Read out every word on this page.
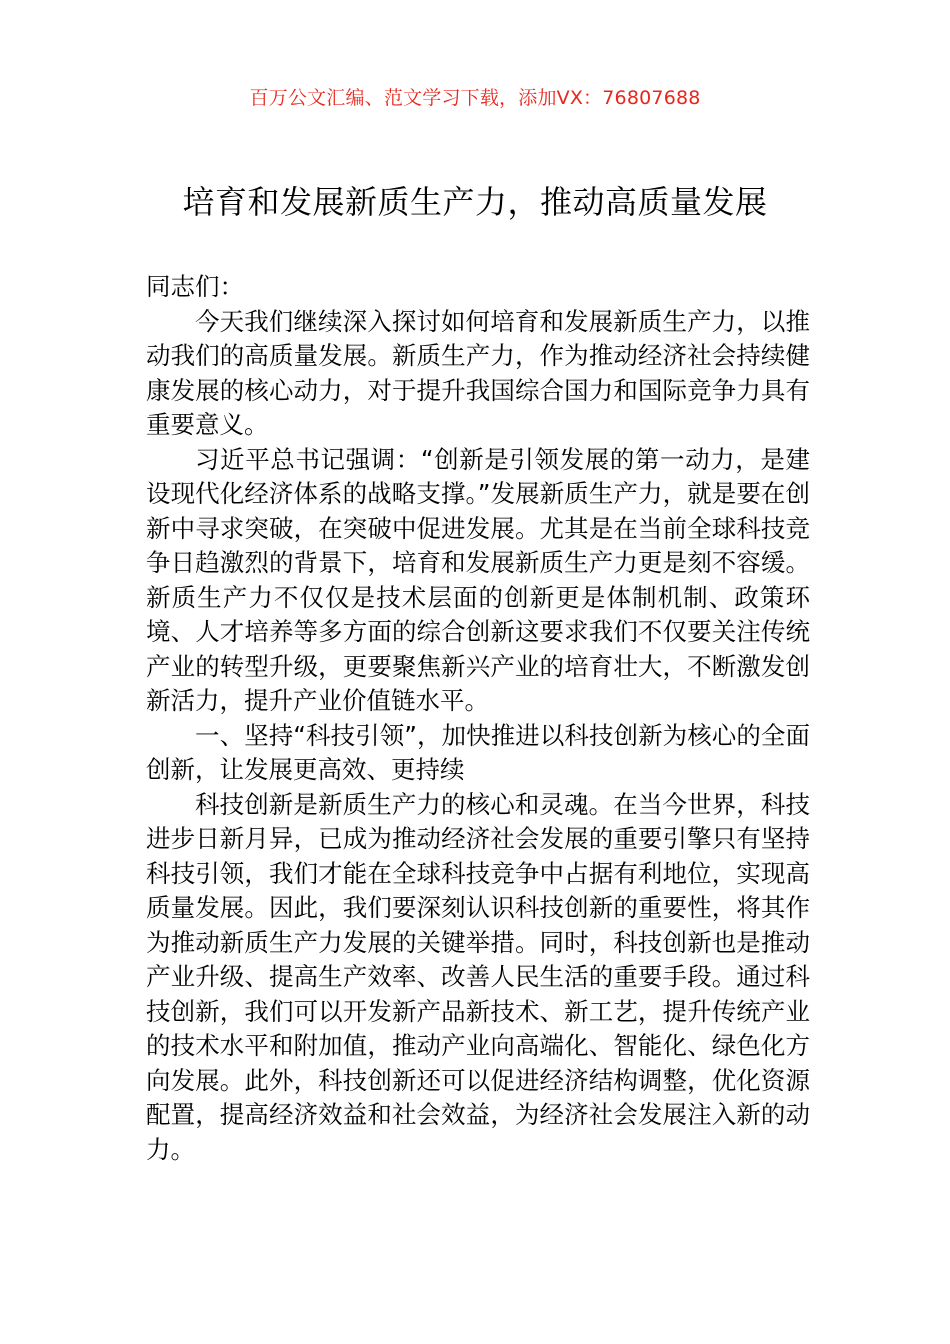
百万公文汇编、范文学习下载，添加VX：76807688
培育和发展新质生产力，推动高质量发展

同志们：

今天我们继续深入探讨如何培育和发展新质生产力，以推动我们的高质量发展。新质生产力，作为推动经济社会持续健康发展的核心动力，对于提升我国综合国力和国际竞争力具有重要意义。

习近平总书记强调：“创新是引领发展的第一动力，是建设现代化经济体系的战略支撑。”发展新质生产力，就是要在创新中寻求突破，在突破中促进发展。尤其是在当前全球科技竞争日趋激烈的背景下，培育和发展新质生产力更是刻不容缓。新质生产力不仅仅是技术层面的创新更是体制机制、政策环境、人才培养等多方面的综合创新这要求我们不仅要关注传统产业的转型升级，更要聚焦新兴产业的培育壮大，不断激发创新活力，提升产业价值链水平。

一、坚持“科技引领”，加快推进以科技创新为核心的全面创新，让发展更高效、更持续

科技创新是新质生产力的核心和灵魂。在当今世界，科技进步日新月异，已成为推动经济社会发展的重要引擎只有坚持科技引领，我们才能在全球科技竞争中占据有利地位，实现高质量发展。因此，我们要深刻认识科技创新的重要性，将其作为推动新质生产力发展的关键举措。同时，科技创新也是推动产业升级、提高生产效率、改善人民生活的重要手段。通过科技创新，我们可以开发新产品新技术、新工艺，提升传统产业的技术水平和附加值，推动产业向高端化、智能化、绿色化方向发展。此外，科技创新还可以促进经济结构调整，优化资源配置，提高经济效益和社会效益，为经济社会发展注入新的动力。
